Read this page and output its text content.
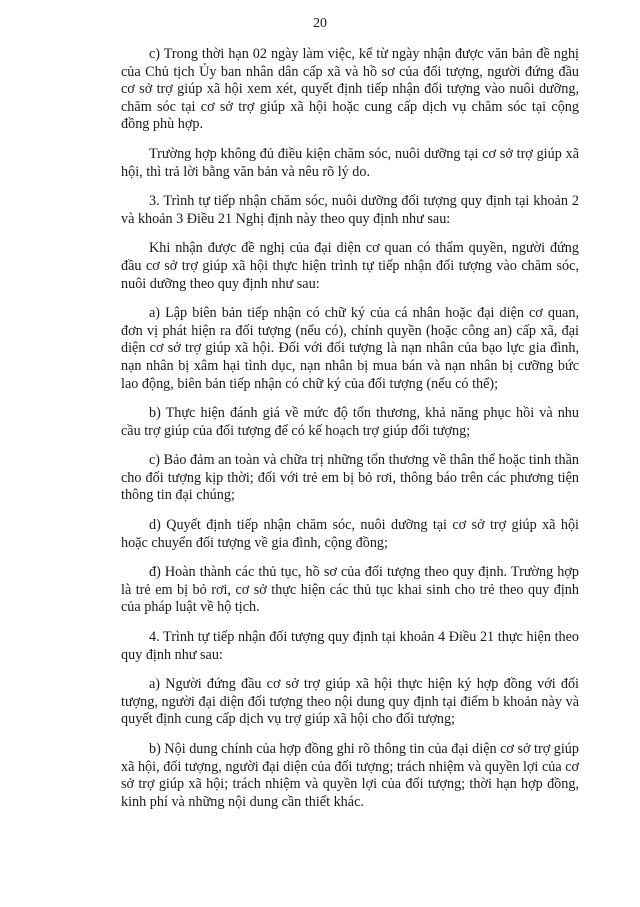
20

c) Trong thời hạn 02 ngày làm việc, kể từ ngày nhận được văn bản đề nghị của Chủ tịch Ủy ban nhân dân cấp xã và hồ sơ của đối tượng, người đứng đầu cơ sở trợ giúp xã hội xem xét, quyết định tiếp nhận đối tượng vào nuôi dưỡng, chăm sóc tại cơ sở trợ giúp xã hội hoặc cung cấp dịch vụ chăm sóc tại cộng đồng phù hợp.

Trường hợp không đủ điều kiện chăm sóc, nuôi dưỡng tại cơ sở trợ giúp xã hội, thì trả lời bằng văn bản và nêu rõ lý do.

3. Trình tự tiếp nhận chăm sóc, nuôi dưỡng đối tượng quy định tại khoản 2 và khoản 3 Điều 21 Nghị định này theo quy định như sau:

Khi nhận được đề nghị của đại diện cơ quan có thẩm quyền, người đứng đầu cơ sở trợ giúp xã hội thực hiện trình tự tiếp nhận đối tượng vào chăm sóc, nuôi dưỡng theo quy định như sau:

a) Lập biên bản tiếp nhận có chữ ký của cá nhân hoặc đại diện cơ quan, đơn vị phát hiện ra đối tượng (nếu có), chính quyền (hoặc công an) cấp xã, đại diện cơ sở trợ giúp xã hội. Đối với đối tượng là nạn nhân của bạo lực gia đình, nạn nhân bị xâm hại tình dục, nạn nhân bị mua bán và nạn nhân bị cưỡng bức lao động, biên bản tiếp nhận có chữ ký của đối tượng (nếu có thể);

b) Thực hiện đánh giá về mức độ tổn thương, khả năng phục hồi và nhu cầu trợ giúp của đối tượng để có kế hoạch trợ giúp đối tượng;

c) Bảo đảm an toàn và chữa trị những tổn thương về thân thể hoặc tinh thần cho đối tượng kịp thời; đối với trẻ em bị bỏ rơi, thông báo trên các phương tiện thông tin đại chúng;

d) Quyết định tiếp nhận chăm sóc, nuôi dưỡng tại cơ sở trợ giúp xã hội hoặc chuyển đối tượng về gia đình, cộng đồng;

đ) Hoàn thành các thủ tục, hồ sơ của đối tượng theo quy định. Trường hợp là trẻ em bị bỏ rơi, cơ sở thực hiện các thủ tục khai sinh cho trẻ theo quy định của pháp luật về hộ tịch.

4. Trình tự tiếp nhận đối tượng quy định tại khoản 4 Điều 21 thực hiện theo quy định như sau:

a) Người đứng đầu cơ sở trợ giúp xã hội thực hiện ký hợp đồng với đối tượng, người đại diện đối tượng theo nội dung quy định tại điểm b khoản này và quyết định cung cấp dịch vụ trợ giúp xã hội cho đối tượng;

b) Nội dung chính của hợp đồng ghi rõ thông tin của đại diện cơ sở trợ giúp xã hội, đối tượng, người đại diện của đối tượng; trách nhiệm và quyền lợi của cơ sở trợ giúp xã hội; trách nhiệm và quyền lợi của đối tượng; thời hạn hợp đồng, kinh phí và những nội dung cần thiết khác.
